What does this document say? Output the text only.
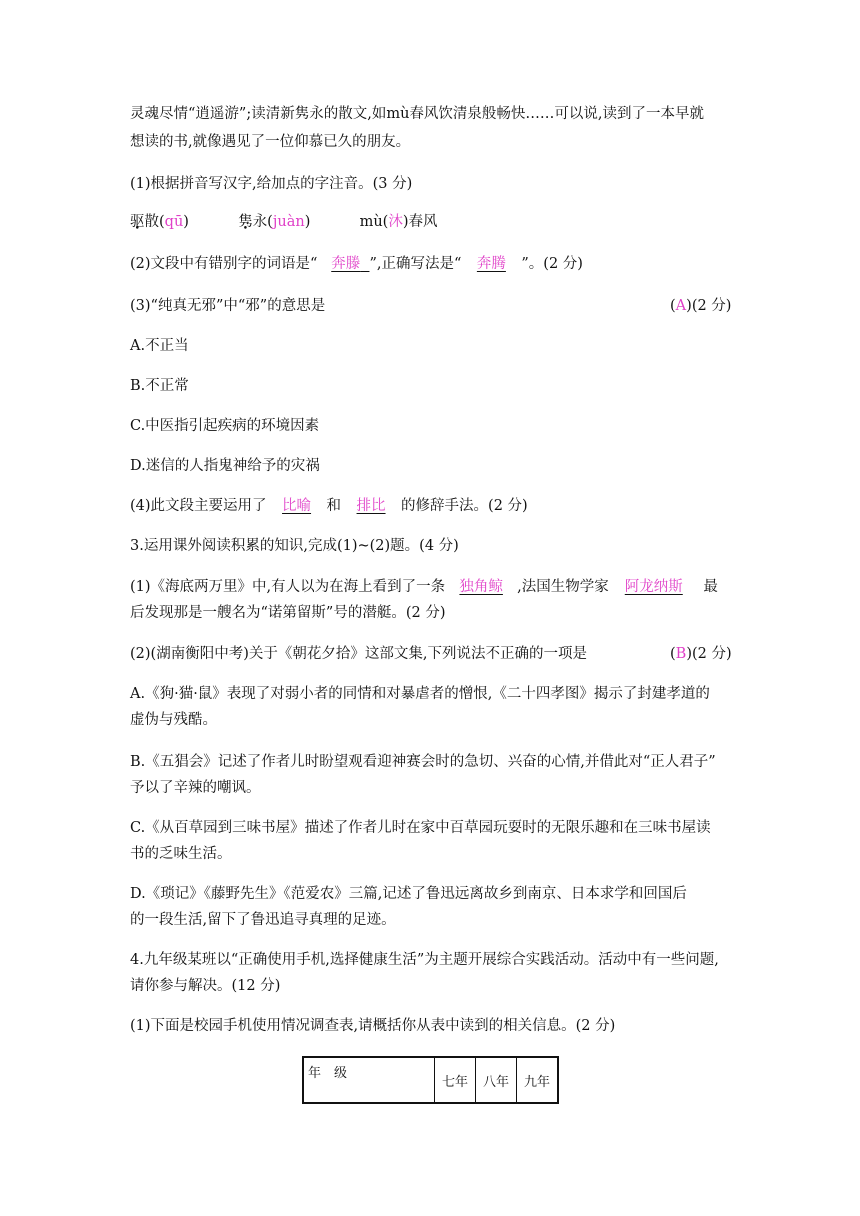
灵魂尽情“逍遥游”;读清新隽永的散文,如mù春风饮清泉般畅快……可以说,读到了一本早就
想读的书,就像遇见了一位仰慕已久的朋友。
(1)根据拼音写汉字,给加点的字注音。(3 分)
驱散(qū)	隽永(juàn)	mù(沐)春风
(2)文段中有错别字的词语是“ 奔滕 ”,正确写法是“ 奔腾 ”。(2 分)
(3)“纯真无邪”中“邪”的意思是	(A)(2 分)
A.不正当
B.不正常
C.中医指引起疾病的环境因素
D.迷信的人指鬼神给予的灾祸
(4)此文段主要运用了 比喻 和 排比 的修辞手法。(2 分)
3.运用课外阅读积累的知识,完成(1)~(2)题。(4 分)
(1)《海底两万里》中,有人以为在海上看到了一条 独角鲸 ,法国生物学家 阿龙纳斯 最
后发现那是一艘名为“诺第留斯”号的潜艇。(2 分)
(2)(湖南衡阳中考)关于《朝花夕拾》这部文集,下列说法不正确的一项是	(B)(2 分)
A.《狗·猫·鼠》表现了对弱小者的同情和对暴虐者的憎恨,《二十四孝图》揭示了封建孝道的
虚伪与残酷。
B.《五猖会》记述了作者儿时盼望观看迎神赛会时的急切、兴奋的心情,并借此对“正人君子”
予以了辛辣的嘲讽。
C.《从百草园到三味书屋》描述了作者儿时在家中百草园玩耍时的无限乐趣和在三味书屋读
书的乏味生活。
D.《琐记》《藤野先生》《范爱农》三篇,记述了鲁迅远离故乡到南京、日本求学和回国后
的一段生活,留下了鲁迅追寻真理的足迹。
4.九年级某班以“正确使用手机,选择健康生活”为主题开展综合实践活动。活动中有一些问题,
请你参与解决。(12 分)
(1)下面是校园手机使用情况调查表,请概括你从表中读到的相关信息。(2 分)
年　级	七年	八年	九年
